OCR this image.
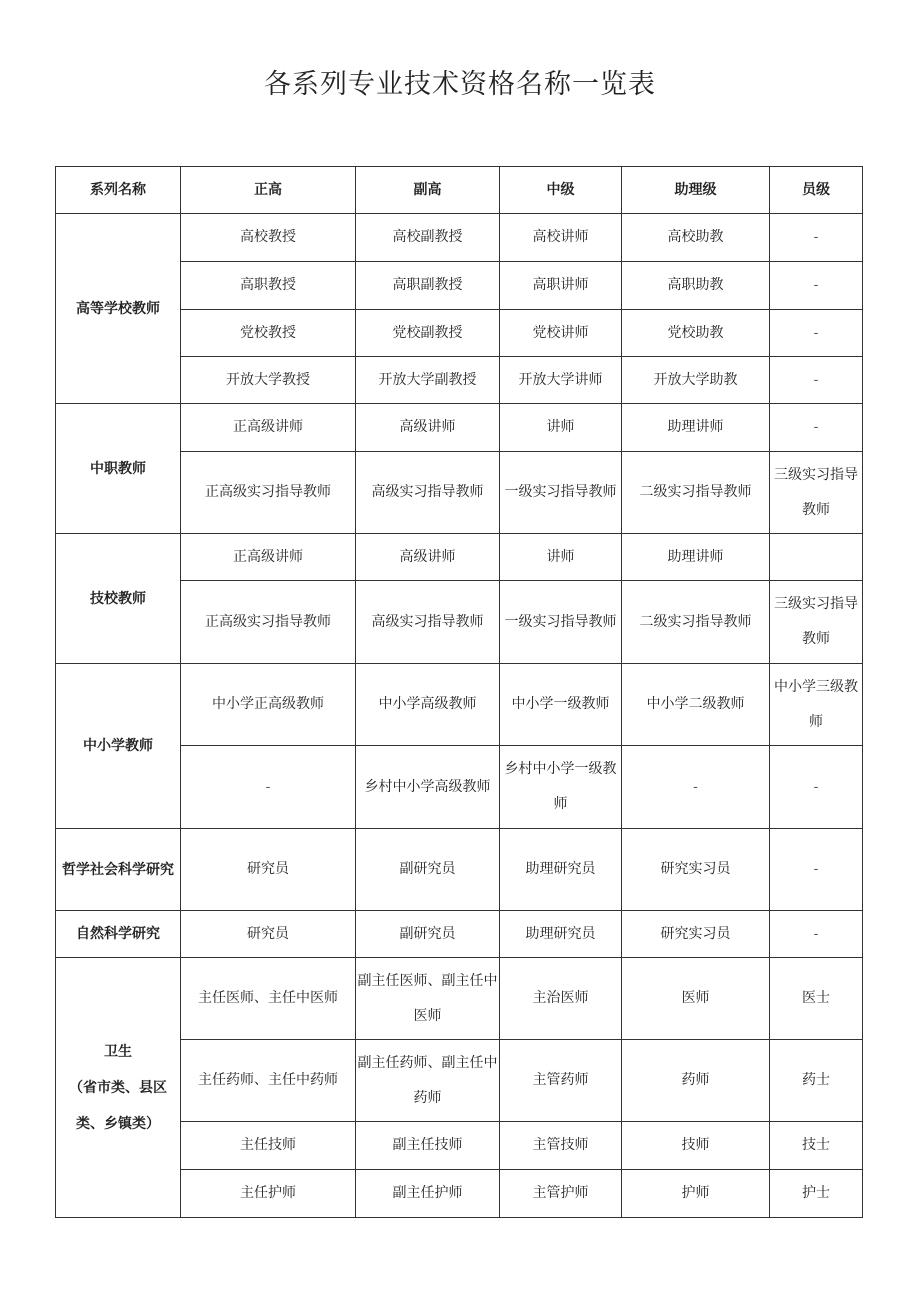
各系列专业技术资格名称一览表
系列名称	正高	副高	中级	助理级	员级
高等学校教师	高校教授	高校副教授	高校讲师	高校助教	-
	高职教授	高职副教授	高职讲师	高职助教	-
	党校教授	党校副教授	党校讲师	党校助教	-
	开放大学教授	开放大学副教授	开放大学讲师	开放大学助教	-
中职教师	正高级讲师	高级讲师	讲师	助理讲师	-
	正高级实习指导教师	高级实习指导教师	一级实习指导教师	二级实习指导教师	三级实习指导教师
技校教师	正高级讲师	高级讲师	讲师	助理讲师	
	正高级实习指导教师	高级实习指导教师	一级实习指导教师	二级实习指导教师	三级实习指导教师
中小学教师	中小学正高级教师	中小学高级教师	中小学一级教师	中小学二级教师	中小学三级教师
	-	乡村中小学高级教师	乡村中小学一级教师	-	-
哲学社会科学研究	研究员	副研究员	助理研究员	研究实习员	-
自然科学研究	研究员	副研究员	助理研究员	研究实习员	-
卫生
（省市类、县区类、乡镇类）	主任医师、主任中医师	副主任医师、副主任中医师	主治医师	医师	医士
	主任药师、主任中药师	副主任药师、副主任中药师	主管药师	药师	药士
	主任技师	副主任技师	主管技师	技师	技士
	主任护师	副主任护师	主管护师	护师	护士
